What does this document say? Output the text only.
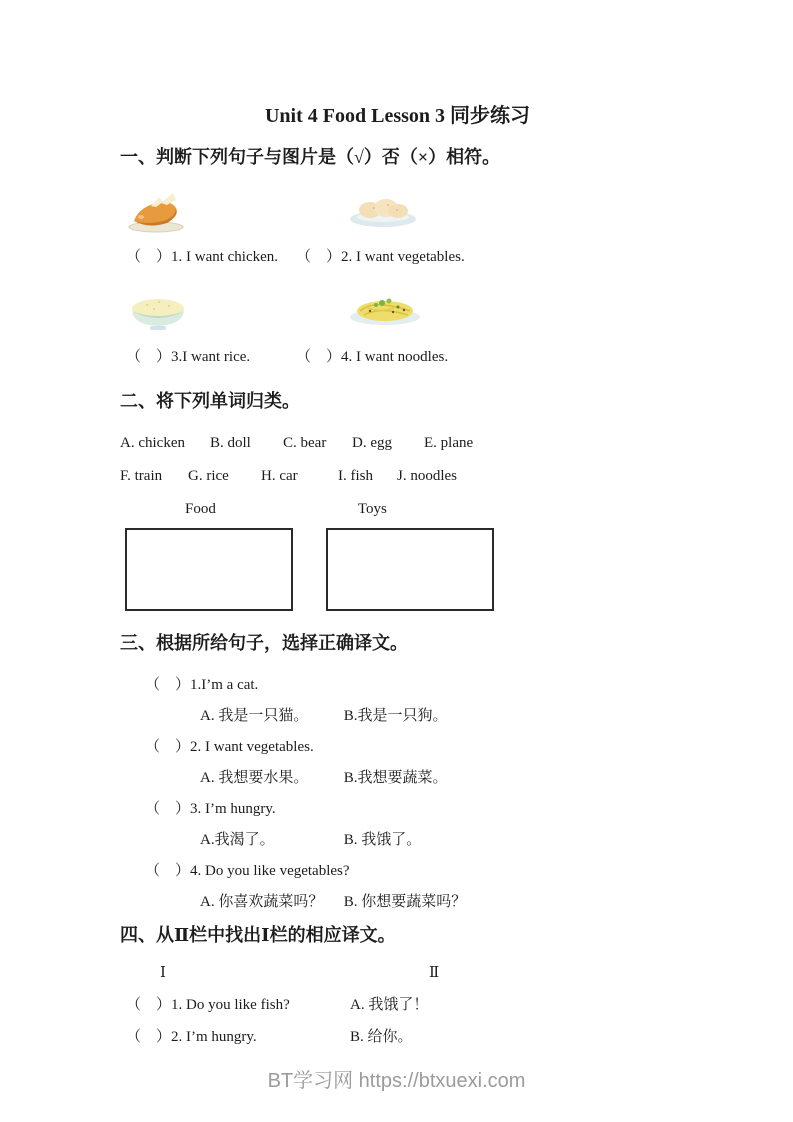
Unit 4 Food Lesson 3 同步练习
一、判断下列句子与图片是（√）否（×）相符。
（　）1. I want chicken.	（　）2. I want vegetables.
（　）3.I want rice.	（　）4. I want noodles.
二、将下列单词归类。
A. chicken	B. doll	C. bear	D. egg	E. plane
F. train	G. rice	H. car	I. fish	J. noodles
Food	Toys
三、根据所给句子，选择正确译文。
（　）1.I’m a cat.
A. 我是一只猫。 B.我是一只狗。
（　）2. I want vegetables.
A. 我想要水果。 B.我想要蔬菜。
（　）3. I’m hungry.
A.我渴了。	B. 我饿了。
（　）4. Do you like vegetables?
A. 你喜欢蔬菜吗？ B. 你想要蔬菜吗？
四、从Ⅱ栏中找出Ⅰ栏的相应译文。
Ⅰ	Ⅱ
（　）1. Do you like fish?	A. 我饿了！
（　）2. I’m hungry.	B. 给你。
BT学习网 https://btxuexi.com
